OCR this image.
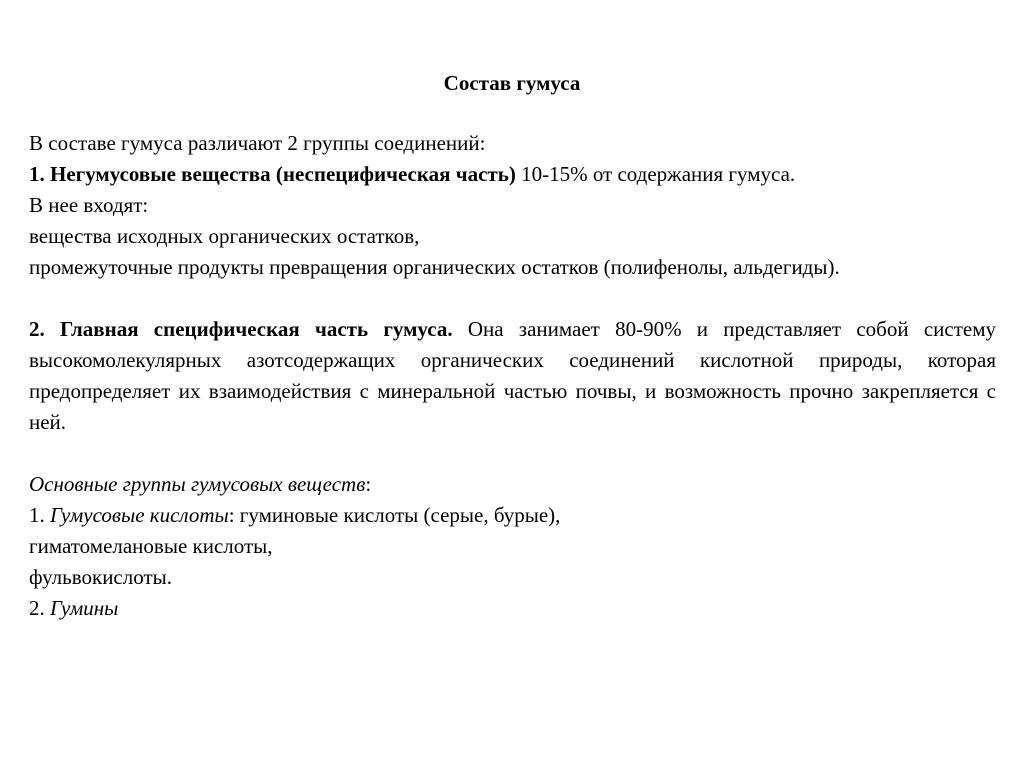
Состав гумуса

В составе гумуса различают 2 группы соединений:

1. Негумусовые вещества (неспецифическая часть) 10-15% от содержания гумуса.

В нее входят:

вещества исходных органических остатков,

промежуточные продукты превращения органических остатков (полифенолы, альдегиды).

2. Главная специфическая часть гумуса. Она занимает 80-90% и представляет собой систему высокомолекулярных азотсодержащих органических соединений кислотной природы, которая предопределяет их взаимодействия с минеральной частью почвы, и возможность прочно закрепляется с ней.

Основные группы гумусовых веществ:

1. Гумусовые кислоты: гуминовые кислоты (серые, бурые),

гиматомелановые кислоты,

фульвокислоты.

2. Гумины
